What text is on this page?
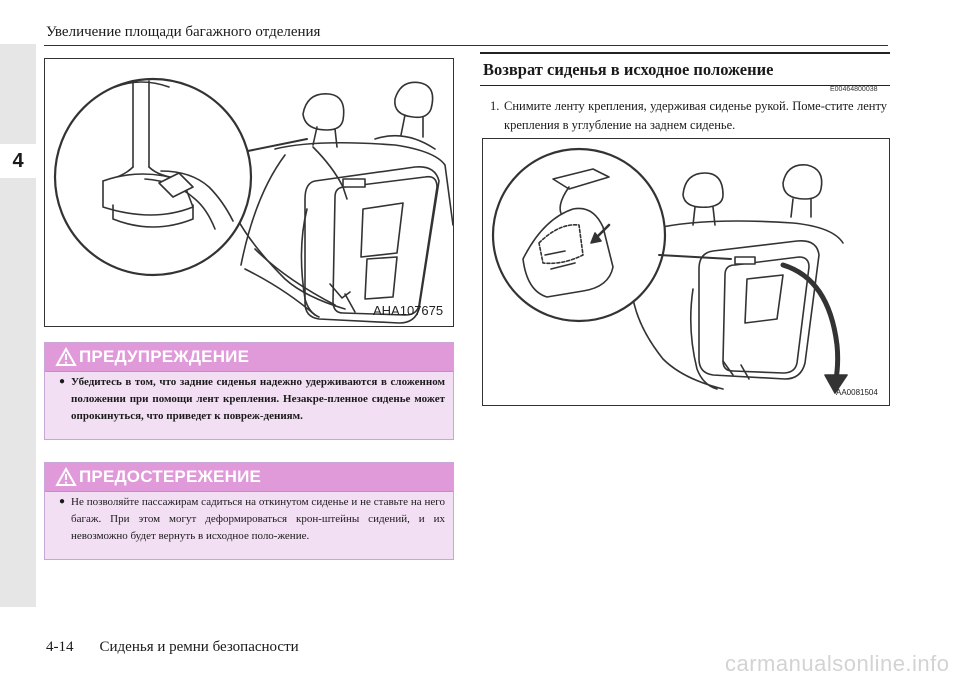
4
Увеличение площади багажного отделения
AHA107675
ПРЕДУПРЕЖДЕНИЕ
● Убедитесь в том, что задние сиденья надежно удерживаются в сложенном положении при помощи лент крепления. Незакре-пленное сиденье может опрокинуться, что приведет к повреж-дениям.
ПРЕДОСТЕРЕЖЕНИЕ
● Не позволяйте пассажирам садиться на откинутом сиденье и не ставьте на него багаж. При этом могут деформироваться крон-штейны сидений, и их невозможно будет вернуть в исходное поло-жение.
Возврат сиденья в исходное положение
E00464800038
1. Снимите ленту крепления, удерживая сиденье рукой. Поме-стите ленту крепления в углубление на заднем сиденье.
AA0081504
4-14 Сиденья и ремни безопасности
carmanualsonline.info
